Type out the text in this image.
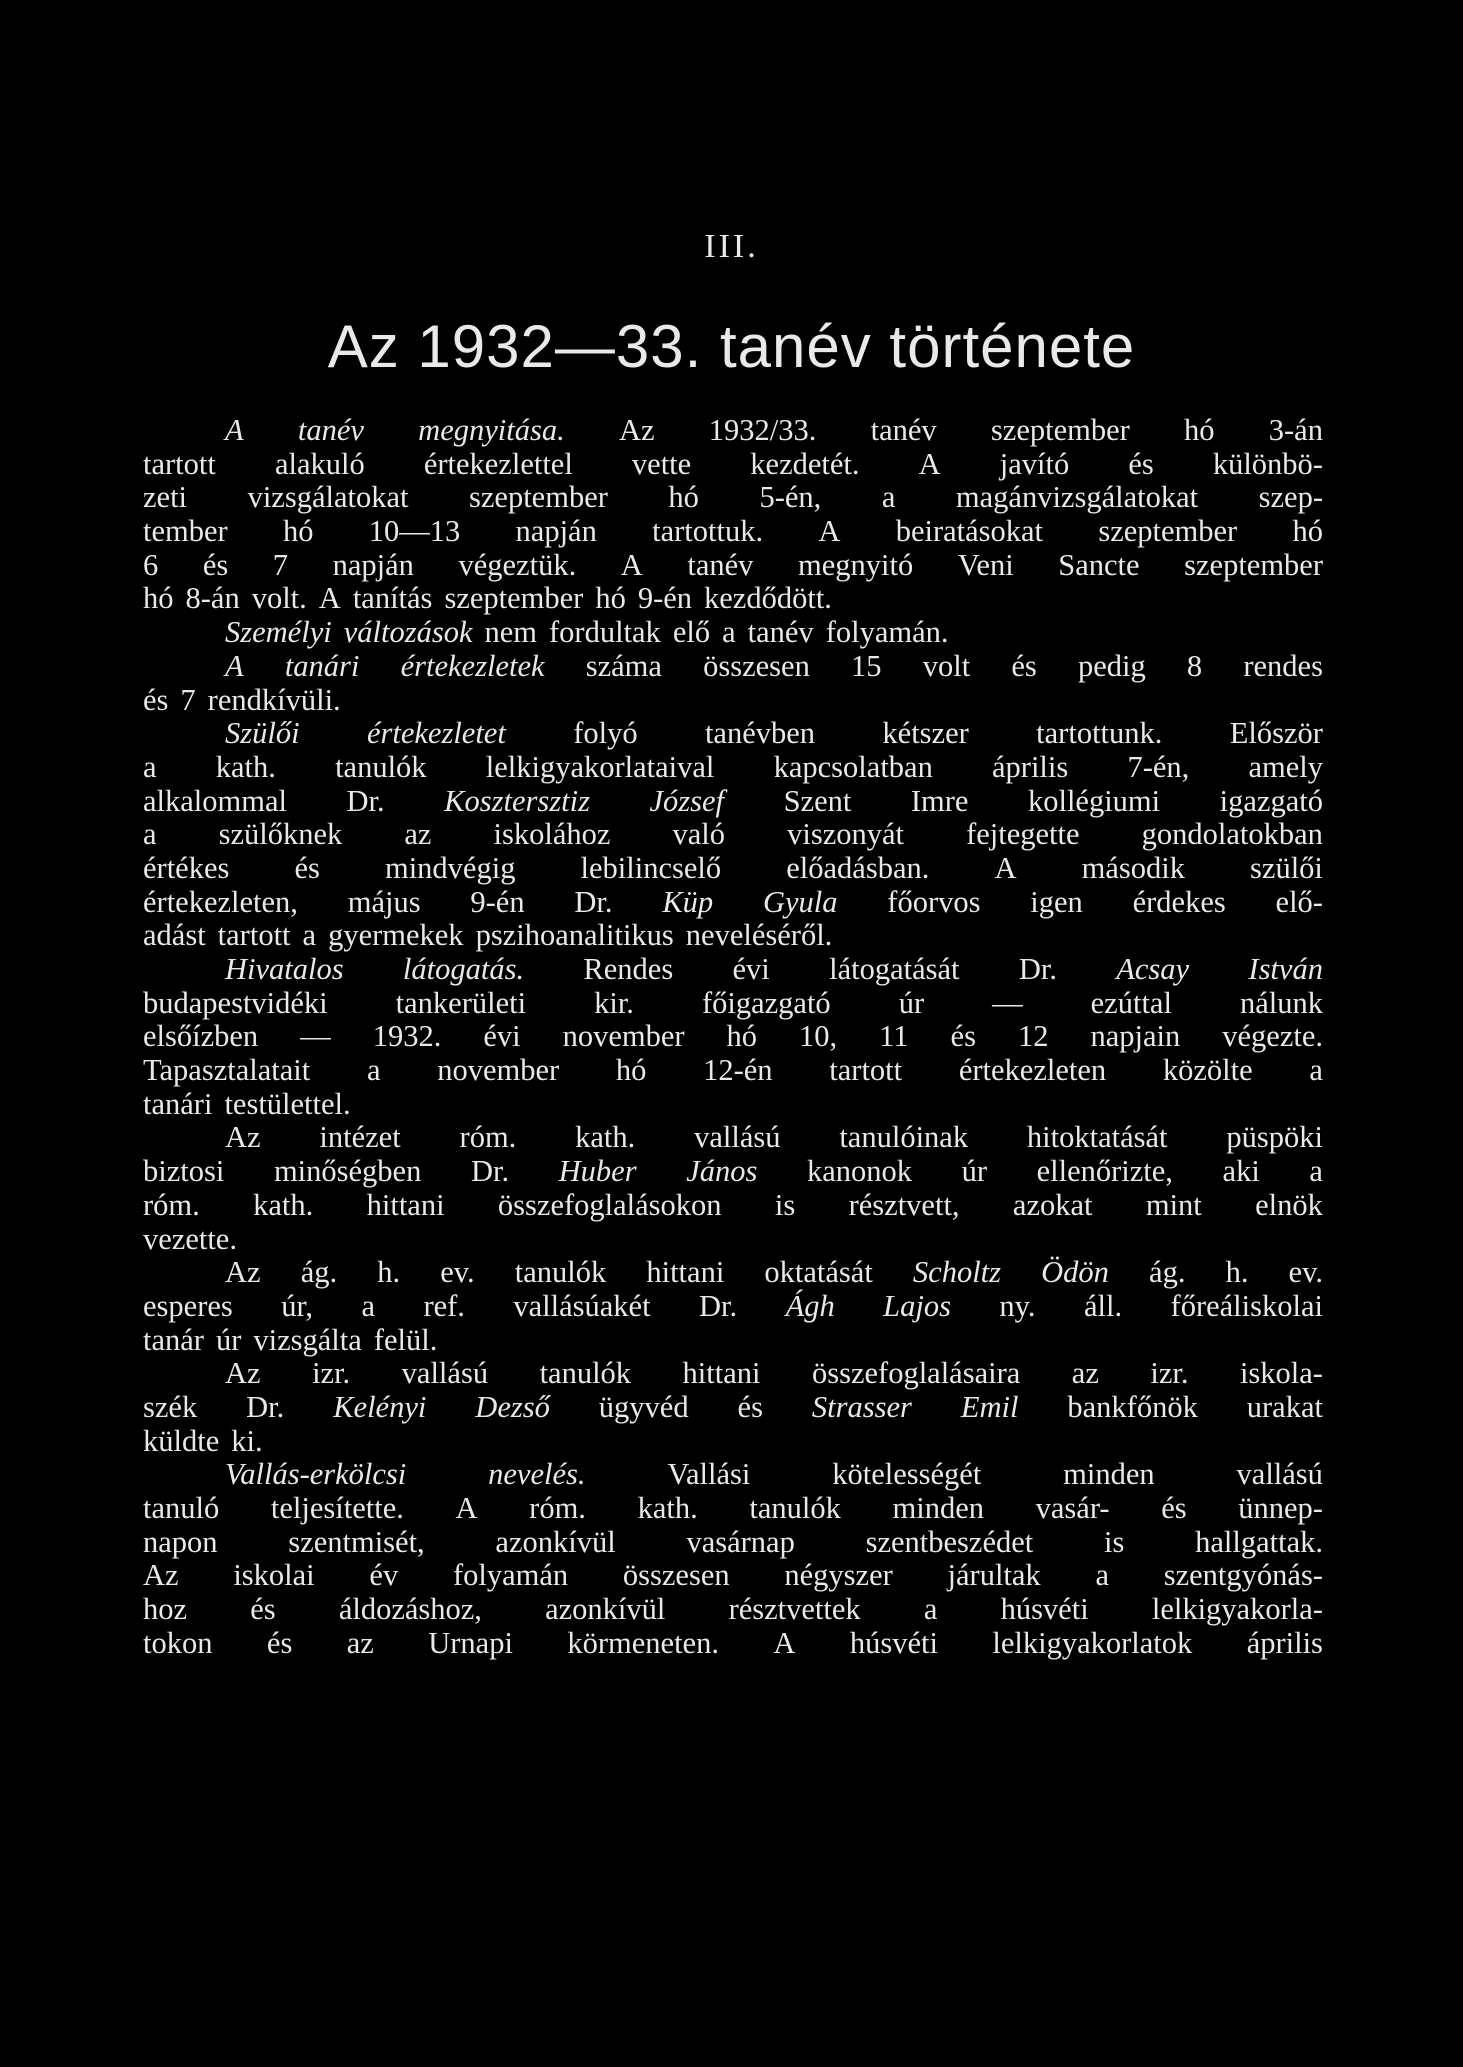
III.
Az 1932—33. tanév története
A tanév megnyitása. Az 1932/33. tanév szeptember hó 3-án
tartott alakuló értekezlettel vette kezdetét. A javító és különbö-
zeti vizsgálatokat szeptember hó 5-én, a magánvizsgálatokat szep-
tember hó 10—13 napján tartottuk. A beiratásokat szeptember hó
6 és 7 napján végeztük. A tanév megnyitó Veni Sancte szeptember
hó 8-án volt. A tanítás szeptember hó 9-én kezdődött.
Személyi változások nem fordultak elő a tanév folyamán.
A tanári értekezletek száma összesen 15 volt és pedig 8 rendes
és 7 rendkívüli.
Szülői értekezletet folyó tanévben kétszer tartottunk. Először
a kath. tanulók lelkigyakorlataival kapcsolatban április 7-én, amely
alkalommal Dr. Kosztersztiz József Szent Imre kollégiumi igazgató
a szülőknek az iskolához való viszonyát fejtegette gondolatokban
értékes és mindvégig lebilincselő előadásban. A második szülői
értekezleten, május 9-én Dr. Küp Gyula főorvos igen érdekes elő-
adást tartott a gyermekek pszihoanalitikus neveléséről.
Hivatalos látogatás. Rendes évi látogatását Dr. Acsay István
budapestvidéki tankerületi kir. főigazgató úr — ezúttal nálunk
elsőízben — 1932. évi november hó 10, 11 és 12 napjain végezte.
Tapasztalatait a november hó 12-én tartott értekezleten közölte a
tanári testülettel.
Az intézet róm. kath. vallású tanulóinak hitoktatását püspöki
biztosi minőségben Dr. Huber János kanonok úr ellenőrizte, aki a
róm. kath. hittani összefoglalásokon is résztvett, azokat mint elnök
vezette.
Az ág. h. ev. tanulók hittani oktatását Scholtz Ödön ág. h. ev.
esperes úr, a ref. vallásúakét Dr. Ágh Lajos ny. áll. főreáliskolai
tanár úr vizsgálta felül.
Az izr. vallású tanulók hittani összefoglalásaira az izr. iskola-
szék Dr. Kelényi Dezső ügyvéd és Strasser Emil bankfőnök urakat
küldte ki.
Vallás-erkölcsi	nevelés.	Vallási	kötelességét	minden	vallású
tanuló teljesítette. A róm. kath. tanulók minden vasár- és ünnep-
napon szentmisét, azonkívül vasárnap szentbeszédet is hallgattak.
Az iskolai év folyamán összesen négyszer járultak a szentgyónás-
hoz és áldozáshoz, azonkívül résztvettek a húsvéti lelkigyakorla-
tokon és az Urnapi körmeneten. A húsvéti lelkigyakorlatok április
